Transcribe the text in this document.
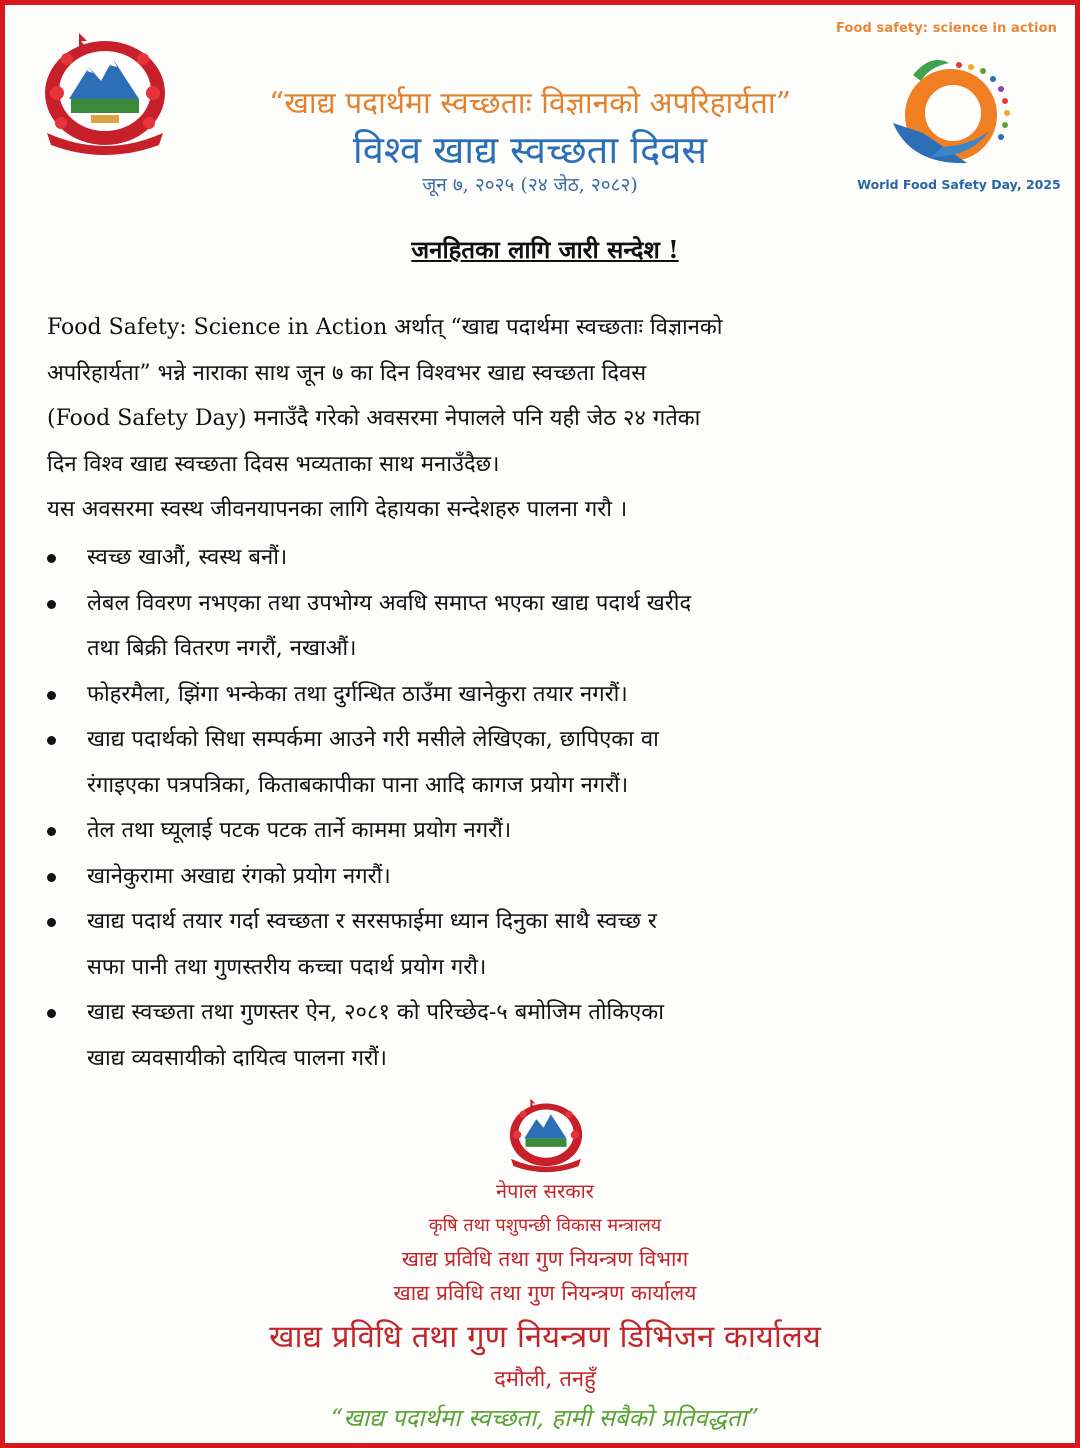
Food safety: science in action
World Food Safety Day, 2025
“खाद्य पदार्थमा स्वच्छताः विज्ञानको अपरिहार्यता”
विश्व खाद्य स्वच्छता दिवस
जून ७, २०२५ (२४ जेठ, २०८२)
जनहितका लागि जारी सन्देश !
Food Safety: Science in Action अर्थात् “खाद्य पदार्थमा स्वच्छताः विज्ञानको
अपरिहार्यता” भन्ने नाराका साथ जून ७ का दिन विश्वभर खाद्य स्वच्छता दिवस
(Food Safety Day) मनाउँदै गरेको अवसरमा नेपालले पनि यही जेठ २४ गतेका
दिन विश्व खाद्य स्वच्छता दिवस भव्यताका साथ मनाउँदैछ।
यस अवसरमा स्वस्थ जीवनयापनका लागि देहायका सन्देशहरु पालना गरौ ।
स्वच्छ खाऔं, स्वस्थ बनौं।
लेबल विवरण नभएका तथा उपभोग्य अवधि समाप्त भएका खाद्य पदार्थ खरीद
तथा बिक्री वितरण नगरौं, नखाऔं।
फोहरमैला, झिंगा भन्केका तथा दुर्गन्धित ठाउँमा खानेकुरा तयार नगरौं।
खाद्य पदार्थको सिधा सम्पर्कमा आउने गरी मसीले लेखिएका, छापिएका वा
रंगाइएका पत्रपत्रिका, किताबकापीका पाना आदि कागज प्रयोग नगरौं।
तेल तथा घ्यूलाई पटक पटक तार्ने काममा प्रयोग नगरौं।
खानेकुरामा अखाद्य रंगको प्रयोग नगरौं।
खाद्य पदार्थ तयार गर्दा स्वच्छता र सरसफाईमा ध्यान दिनुका साथै स्वच्छ र
सफा पानी तथा गुणस्तरीय कच्चा पदार्थ प्रयोग गरौ।
खाद्य स्वच्छता तथा गुणस्तर ऐन, २०८१ को परिच्छेद-५ बमोजिम तोकिएका
खाद्य व्यवसायीको दायित्व पालना गरौं।
नेपाल सरकार
कृषि तथा पशुपन्छी विकास मन्त्रालय
खाद्य प्रविधि तथा गुण नियन्त्रण विभाग
खाद्य प्रविधि तथा गुण नियन्त्रण कार्यालय
खाद्य प्रविधि तथा गुण नियन्त्रण डिभिजन कार्यालय
दमौली, तनहुँ
“खाद्य पदार्थमा स्वच्छता, हामी सबैको प्रतिवद्धता”
